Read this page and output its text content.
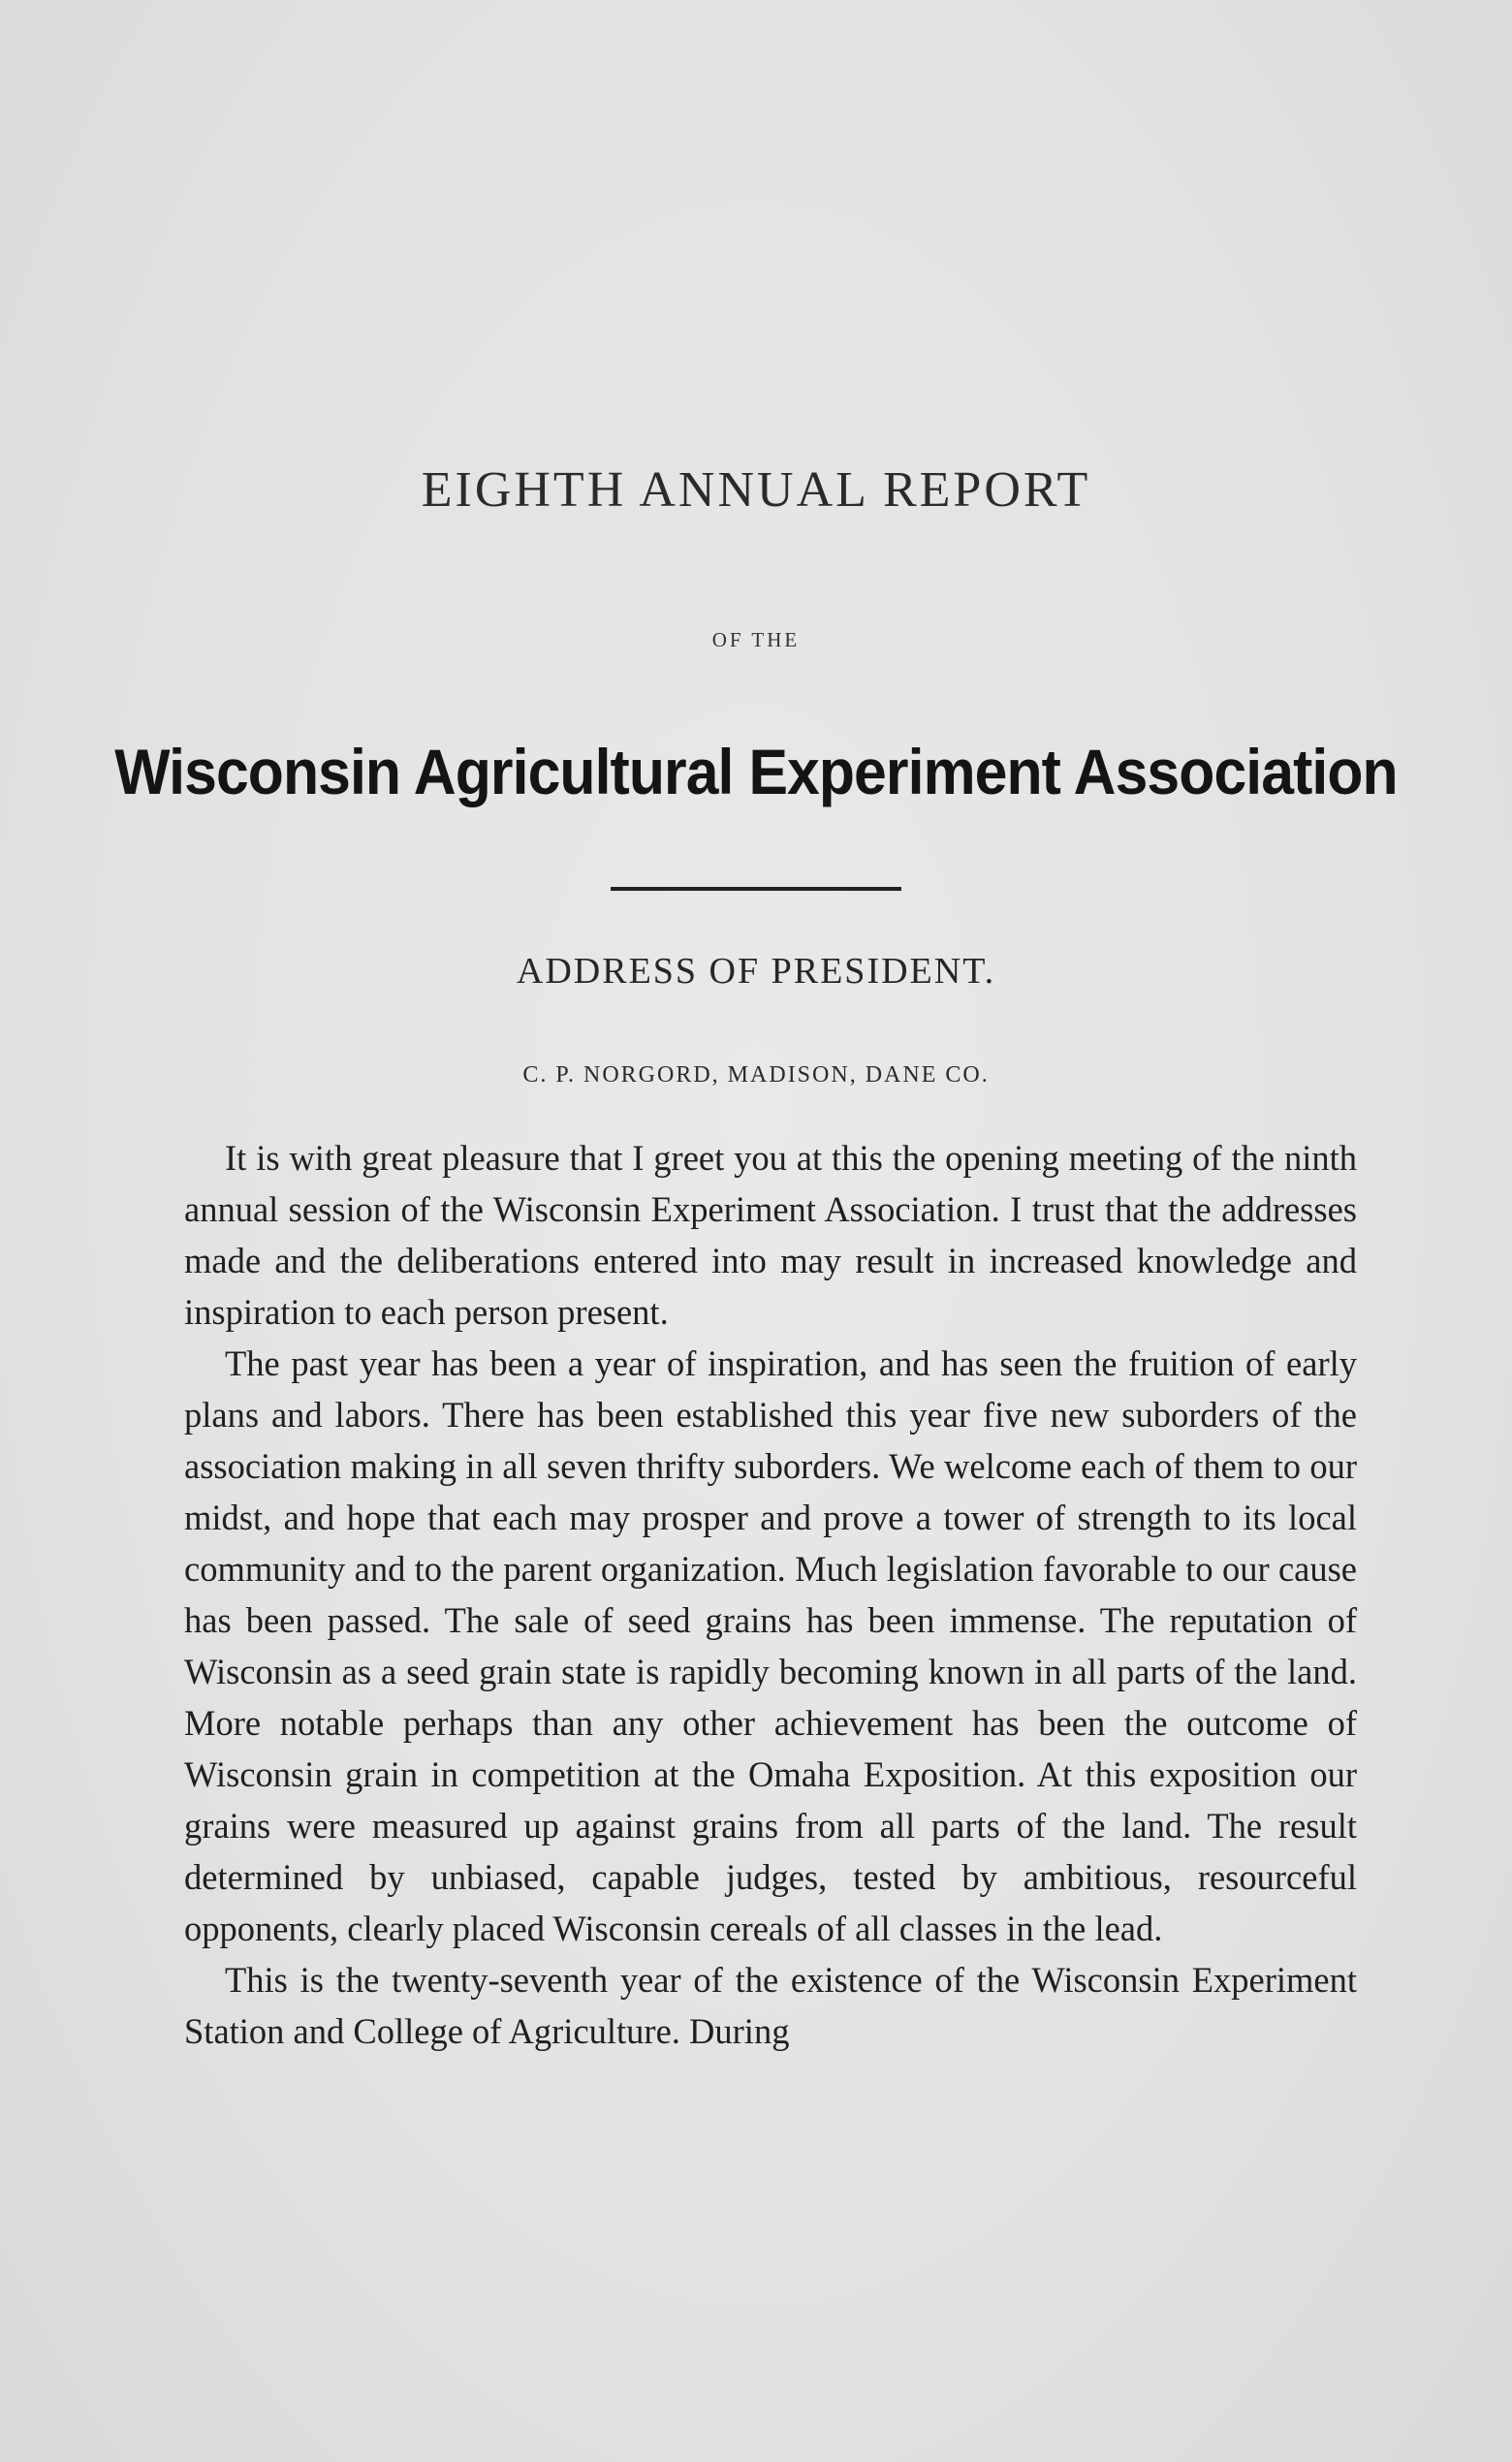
EIGHTH ANNUAL REPORT
OF THE
Wisconsin Agricultural Experiment Association
ADDRESS OF PRESIDENT.
C. P. NORGORD, MADISON, DANE CO.

It is with great pleasure that I greet you at this the opening meeting of the ninth annual session of the Wisconsin Experiment Association. I trust that the addresses made and the deliberations entered into may result in increased knowledge and inspiration to each person present.

The past year has been a year of inspiration, and has seen the fruition of early plans and labors. There has been established this year five new suborders of the association making in all seven thrifty suborders. We welcome each of them to our midst, and hope that each may prosper and prove a tower of strength to its local community and to the parent organization. Much legislation favorable to our cause has been passed. The sale of seed grains has been immense. The reputation of Wisconsin as a seed grain state is rapidly becoming known in all parts of the land. More notable perhaps than any other achievement has been the outcome of Wisconsin grain in competition at the Omaha Exposition. At this exposition our grains were measured up against grains from all parts of the land. The result determined by unbiased, capable judges, tested by ambitious, resourceful opponents, clearly placed Wisconsin cereals of all classes in the lead.

This is the twenty-seventh year of the existence of the Wisconsin Experiment Station and College of Agriculture. During
